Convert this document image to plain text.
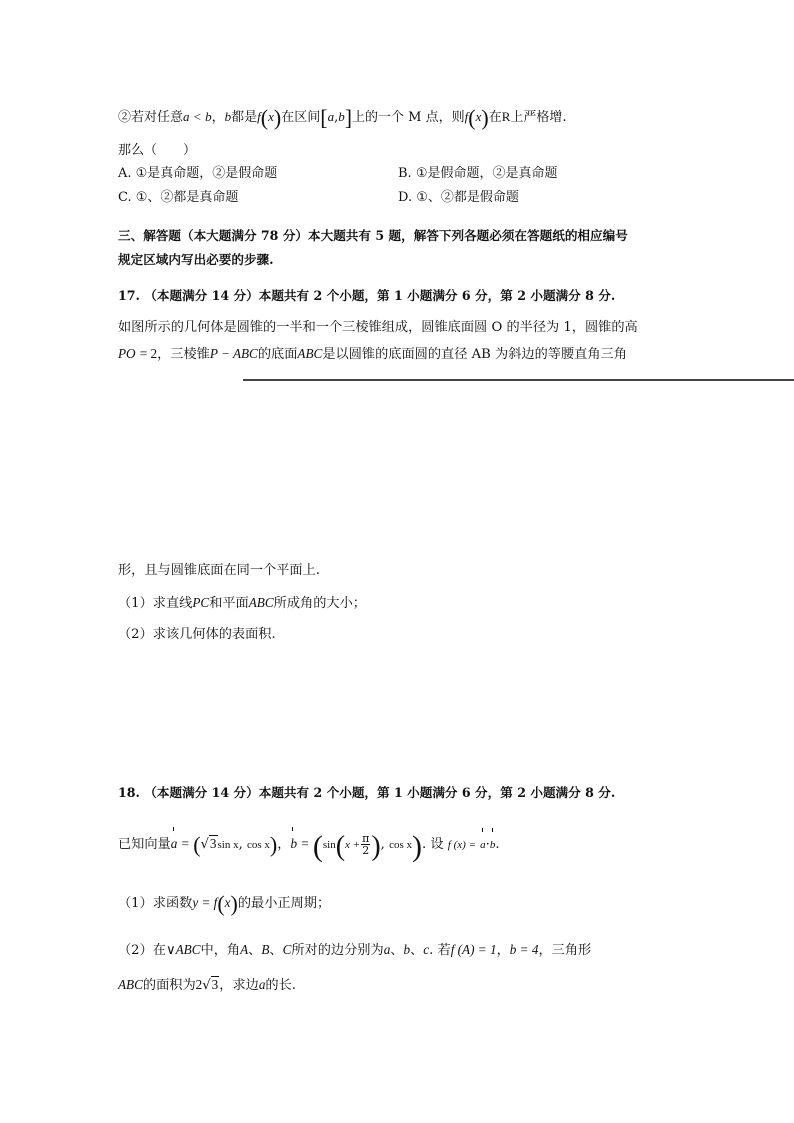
②若对任意a < b，b都是f(x)在区间[a,b]上的一个 M 点，则f(x)在R上严格增.
那么（　　）
A. ①是真命题，②是假命题	B. ①是假命题，②是真命题
C. ①、②都是真命题	D. ①、②都是假命题
三、解答题（本大题满分 78 分）本大题共有 5 题，解答下列各题必须在答题纸的相应编号
规定区域内写出必要的步骤.
17. （本题满分 14 分）本题共有 2 个小题，第 1 小题满分 6 分，第 2 小题满分 8 分.
如图所示的几何体是圆锥的一半和一个三棱锥组成，圆锥底面圆 O 的半径为 1，圆锥的高
PO = 2，三棱锥P − ABC的底面ABC是以圆锥的底面圆的直径 AB 为斜边的等腰直角三角
形，且与圆锥底面在同一个平面上.
（1）求直线PC和平面ABC所成角的大小；
（2）求该几何体的表面积.
18. （本题满分 14 分）本题共有 2 个小题，第 1 小题满分 6 分，第 2 小题满分 8 分.
已知向量a = (√3sin x, cos x)，$b = (\sin(x + \frac{\pi}{2}$ ), cos x). 设 f (x) = a·b.
（1）求函数y = f(x)的最小正周期；
（2）在∨ABC中，角A、B、C所对的边分别为a、b、c. 若f (A) = 1，b = 4，三角形
ABC的面积为2√3，求边a的长.
